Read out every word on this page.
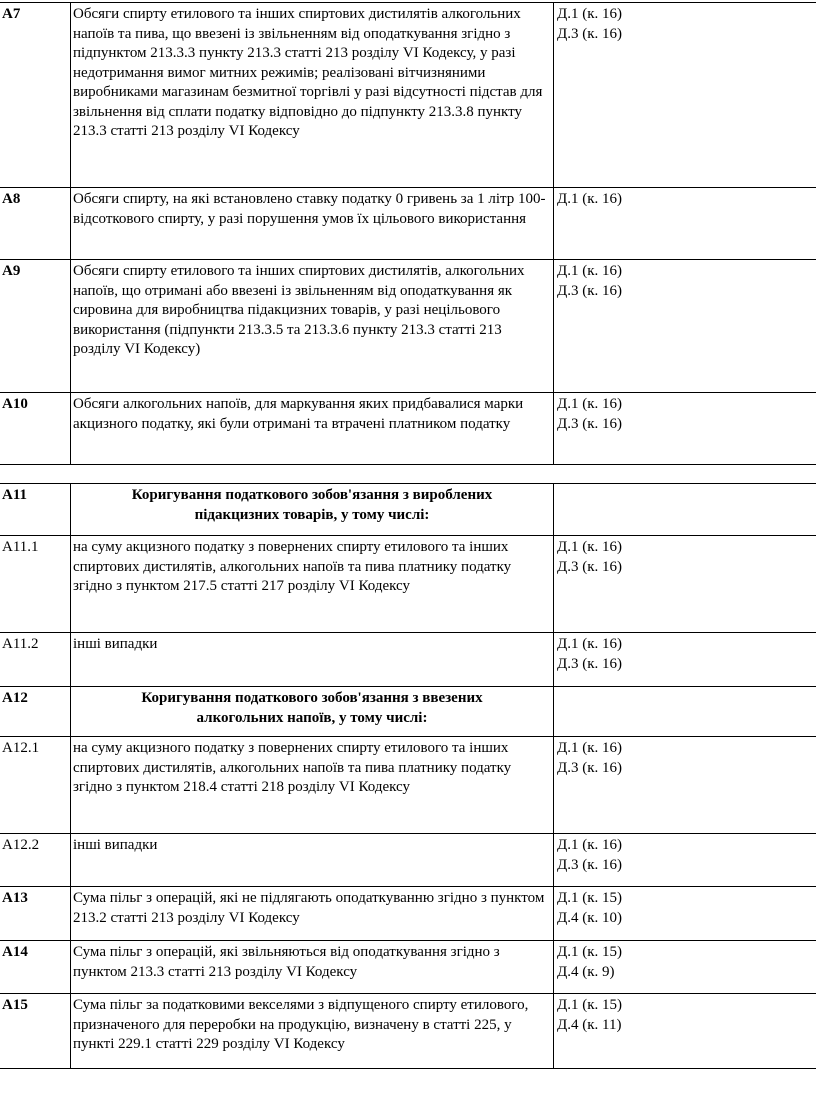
А7	Обсяги спирту етилового та інших спиртових дистилятів алкогольних напоїв та пива, що ввезені із звільненням від оподаткування згідно з підпунктом 213.3.3 пункту 213.3 статті 213 розділу VI Кодексу, у разі недотримання вимог митних режимів; реалізовані вітчизняними виробниками магазинам безмитної торгівлі у разі відсутності підстав для звільнення від сплати податку відповідно до підпункту 213.3.8 пункту 213.3 статті 213 розділу VI Кодексу	Д.1 (к. 16)
Д.3 (к. 16)

А8	Обсяги спирту, на які встановлено ставку податку 0 гривень за 1 літр 100-відсоткового спирту, у разі порушення умов їх цільового використання	Д.1 (к. 16)

А9	Обсяги спирту етилового та інших спиртових дистилятів, алкогольних напоїв, що отримані або ввезені із звільненням від оподаткування як сировина для виробництва підакцизних товарів, у разі нецільового використання (підпункти 213.3.5 та 213.3.6 пункту 213.3 статті 213 розділу VI Кодексу)	Д.1 (к. 16)
Д.3 (к. 16)

А10	Обсяги алкогольних напоїв, для маркування яких придбавалися марки акцизного податку, які були отримані та втрачені платником податку	Д.1 (к. 16)
Д.3 (к. 16)
А11	Коригування податкового зобов'язання з вироблених підакцизних товарів, у тому числі:	
А11.1	на суму акцизного податку з повернених спирту етилового та інших спиртових дистилятів, алкогольних напоїв та пива платнику податку згідно з пунктом 217.5 статті 217 розділу VI Кодексу	Д.1 (к. 16)
Д.3 (к. 16)

А11.2	інші випадки	Д.1 (к. 16)
Д.3 (к. 16)

А12	Коригування податкового зобов'язання з ввезених алкогольних напоїв, у тому числі:	
А12.1	на суму акцизного податку з повернених спирту етилового та інших спиртових дистилятів, алкогольних напоїв та пива платнику податку згідно з пунктом 218.4 статті 218 розділу VI Кодексу	Д.1 (к. 16)
Д.3 (к. 16)

А12.2	інші випадки	Д.1 (к. 16)
Д.3 (к. 16)

А13	Сума пільг з операцій, які не підлягають оподаткуванню згідно з пунктом 213.2 статті 213 розділу VI Кодексу	Д.1 (к. 15)
Д.4 (к. 10)

А14	Сума пільг з операцій, які звільняються від оподаткування згідно з пунктом 213.3 статті 213 розділу VI Кодексу	Д.1 (к. 15)
Д.4 (к. 9)

А15	Сума пільг за податковими векселями з відпущеного спирту етилового, призначеного для переробки на продукцію, визначену в статті 225, у пункті 229.1 статті 229 розділу VI Кодексу	Д.1 (к. 15)
Д.4 (к. 11)
